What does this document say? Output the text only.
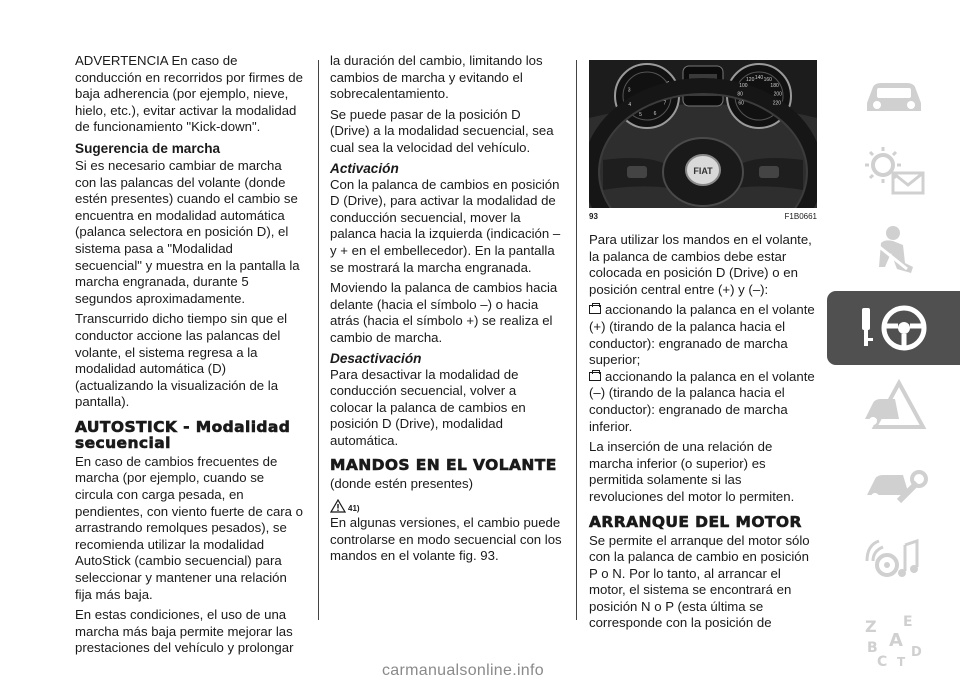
ADVERTENCIA En caso de conducción en recorridos por firmes de baja adherencia (por ejemplo, nieve, hielo, etc.), evitar activar la modalidad de funcionamiento "Kick-down".

Sugerencia de marcha

Si es necesario cambiar de marcha con las palancas del volante (donde estén presentes) cuando el cambio se encuentra en modalidad automática (palanca selectora en posición D), el sistema pasa a "Modalidad secuencial" y muestra en la pantalla la marcha engranada, durante 5 segundos aproximadamente.

Transcurrido dicho tiempo sin que el conductor accione las palancas del volante, el sistema regresa a la modalidad automática (D) (actualizando la visualización de la pantalla).

AUTOSTICK - Modalidad secuencial

En caso de cambios frecuentes de marcha (por ejemplo, cuando se circula con carga pesada, en pendientes, con viento fuerte de cara o arrastrando remolques pesados), se recomienda utilizar la modalidad AutoStick (cambio secuencial) para seleccionar y mantener una relación fija más baja.

En estas condiciones, el uso de una marcha más baja permite mejorar las prestaciones del vehículo y prolongar

la duración del cambio, limitando los cambios de marcha y evitando el sobrecalentamiento.

Se puede pasar de la posición D (Drive) a la modalidad secuencial, sea cual sea la velocidad del vehículo.

Activación

Con la palanca de cambios en posición D (Drive), para activar la modalidad de conducción secuencial, mover la palanca hacia la izquierda (indicación – y + en el embellecedor). En la pantalla se mostrará la marcha engranada.

Moviendo la palanca de cambios hacia delante (hacia el símbolo –) o hacia atrás (hacia el símbolo +) se realiza el cambio de marcha.

Desactivación

Para desactivar la modalidad de conducción secuencial, volver a colocar la palanca de cambios en posición D (Drive), modalidad automática.

MANDOS EN EL VOLANTE

(donde estén presentes)

41)

En algunas versiones, el cambio puede controlarse en modo secuencial con los mandos en el volante fig. 93.

FIAT
3
4
5 6
7	60
80
100
120 140 160
180
200
220
93	F1B0661

Para utilizar los mandos en el volante, la palanca de cambios debe estar colocada en posición D (Drive) o en posición central entre (+) y (–):

accionando la palanca en el volante (+) (tirando de la palanca hacia el conductor): engranado de marcha superior;

accionando la palanca en el volante (–) (tirando de la palanca hacia el conductor): engranado de marcha inferior.

La inserción de una relación de marcha inferior (o superior) es permitida solamente si las revoluciones del motor lo permiten.

ARRANQUE DEL MOTOR

Se permite el arranque del motor sólo con la palanca de cambio en posición P o N. Por lo tanto, al arrancar el motor, el sistema se encontrará en posición N o P (esta última se corresponde con la posición de	Z E
B A
C T
D
carmanualsonline.info
